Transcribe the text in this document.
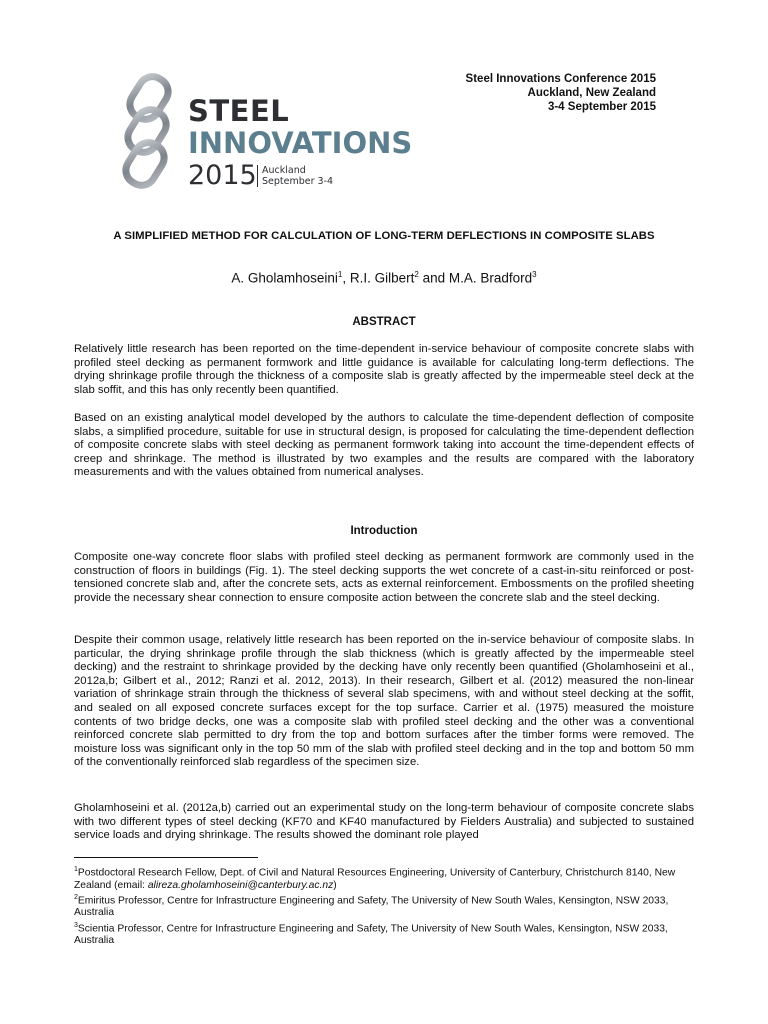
STEEL
INNOVATIONS
2015 Auckland
September 3-4
Steel Innovations Conference 2015
Auckland, New Zealand
3-4 September 2015
A SIMPLIFIED METHOD FOR CALCULATION OF LONG-TERM DEFLECTIONS IN COMPOSITE SLABS
A. Gholamhoseini$^1$, R.I. Gilbert$^2$ and M.A. Bradford$^3$
ABSTRACT

Relatively little research has been reported on the time-dependent in-service behaviour of composite concrete slabs with profiled steel decking as permanent formwork and little guidance is available for calculating long-term deflections. The drying shrinkage profile through the thickness of a composite slab is greatly affected by the impermeable steel deck at the slab soffit, and this has only recently been quantified.

Based on an existing analytical model developed by the authors to calculate the time-dependent deflection of composite slabs, a simplified procedure, suitable for use in structural design, is proposed for calculating the time-dependent deflection of composite concrete slabs with steel decking as permanent formwork taking into account the time-dependent effects of creep and shrinkage. The method is illustrated by two examples and the results are compared with the laboratory measurements and with the values obtained from numerical analyses.

Introduction

Composite one-way concrete floor slabs with profiled steel decking as permanent formwork are commonly used in the construction of floors in buildings (Fig. 1). The steel decking supports the wet concrete of a cast-in-situ reinforced or post-tensioned concrete slab and, after the concrete sets, acts as external reinforcement. Embossments on the profiled sheeting provide the necessary shear connection to ensure composite action between the concrete slab and the steel decking.

Despite their common usage, relatively little research has been reported on the in-service behaviour of composite slabs. In particular, the drying shrinkage profile through the slab thickness (which is greatly affected by the impermeable steel decking) and the restraint to shrinkage provided by the decking have only recently been quantified (Gholamhoseini et al., 2012a,b; Gilbert et al., 2012; Ranzi et al. 2012, 2013). In their research, Gilbert et al. (2012) measured the non-linear variation of shrinkage strain through the thickness of several slab specimens, with and without steel decking at the soffit, and sealed on all exposed concrete surfaces except for the top surface. Carrier et al. (1975) measured the moisture contents of two bridge decks, one was a composite slab with profiled steel decking and the other was a conventional reinforced concrete slab permitted to dry from the top and bottom surfaces after the timber forms were removed. The moisture loss was significant only in the top 50 mm of the slab with profiled steel decking and in the top and bottom 50 mm of the conventionally reinforced slab regardless of the specimen size.

Gholamhoseini et al. (2012a,b) carried out an experimental study on the long-term behaviour of composite concrete slabs with two different types of steel decking (KF70 and KF40 manufactured by Fielders Australia) and subjected to sustained service loads and drying shrinkage. The results showed the dominant role played

$^1$Postdoctoral Research Fellow, Dept. of Civil and Natural Resources Engineering, University of Canterbury, Christchurch 8140, New Zealand (email: alireza.gholamhoseini@canterbury.ac.nz)

$^2$Emiritus Professor, Centre for Infrastructure Engineering and Safety, The University of New South Wales, Kensington, NSW 2033, Australia

$^3$Scientia Professor, Centre for Infrastructure Engineering and Safety, The University of New South Wales, Kensington, NSW 2033, Australia
